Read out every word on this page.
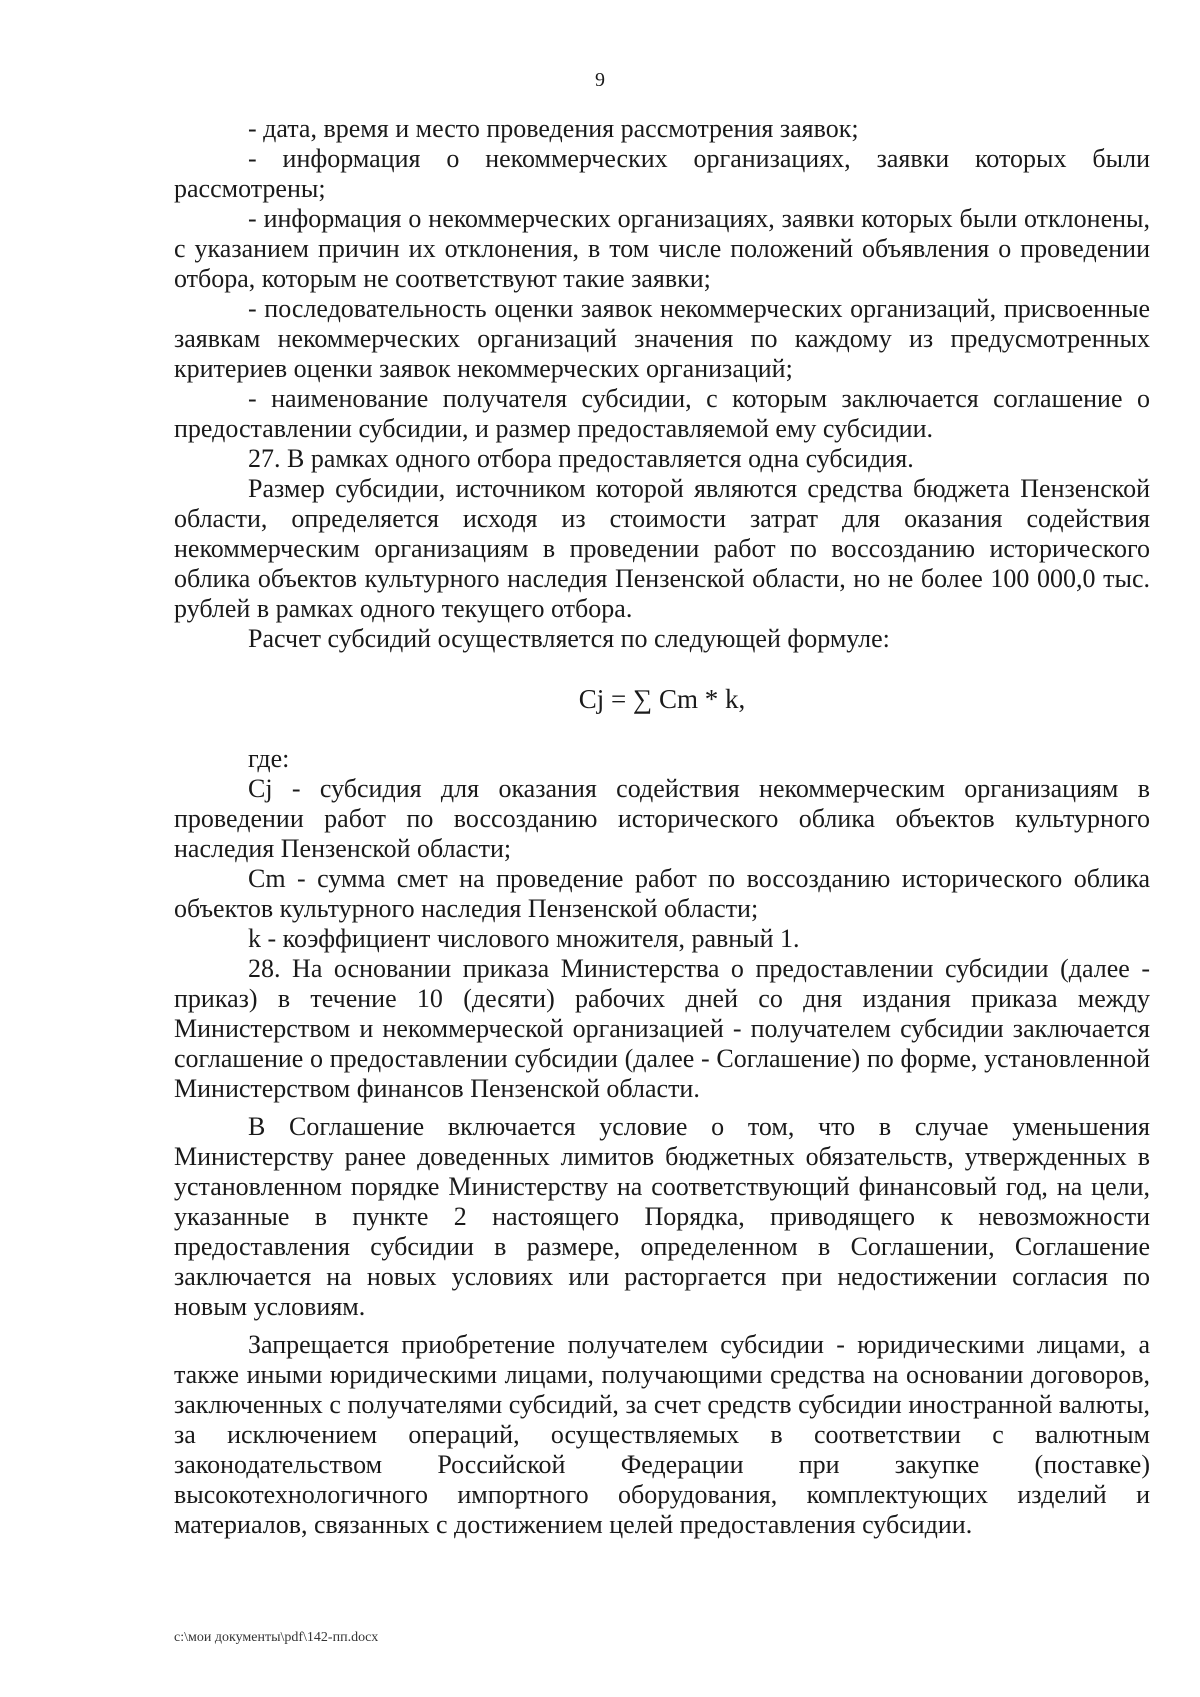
9

- дата, время и место проведения рассмотрения заявок;

- информация о некоммерческих организациях, заявки которых были рассмотрены;

- информация о некоммерческих организациях, заявки которых были отклонены, с указанием причин их отклонения, в том числе положений объявления о проведении отбора, которым не соответствуют такие заявки;

- последовательность оценки заявок некоммерческих организаций, присвоенные заявкам некоммерческих организаций значения по каждому из предусмотренных критериев оценки заявок некоммерческих организаций;

- наименование получателя субсидии, с которым заключается соглашение о предоставлении субсидии, и размер предоставляемой ему субсидии.

27. В рамках одного отбора предоставляется одна субсидия.

Размер субсидии, источником которой являются средства бюджета Пензенской области, определяется исходя из стоимости затрат для оказания содействия некоммерческим организациям в проведении работ по воссозданию исторического облика объектов культурного наследия Пензенской области, но не более 100 000,0 тыс. рублей в рамках одного текущего отбора.

Расчет субсидий осуществляется по следующей формуле:

Cj = ∑ Cm * k,

где:

Cj - субсидия для оказания содействия некоммерческим организациям в проведении работ по воссозданию исторического облика объектов культурного наследия Пензенской области;

Cm - сумма смет на проведение работ по воссозданию исторического облика объектов культурного наследия Пензенской области;

k - коэффициент числового множителя, равный 1.

28. На основании приказа Министерства о предоставлении субсидии (далее - приказ) в течение 10 (десяти) рабочих дней со дня издания приказа между Министерством и некоммерческой организацией - получателем субсидии заключается соглашение о предоставлении субсидии (далее - Соглашение) по форме, установленной Министерством финансов Пензенской области.

В Соглашение включается условие о том, что в случае уменьшения Министерству ранее доведенных лимитов бюджетных обязательств, утвержденных в установленном порядке Министерству на соответствующий финансовый год, на цели, указанные в пункте 2 настоящего Порядка, приводящего к невозможности предоставления субсидии в размере, определенном в Соглашении, Соглашение заключается на новых условиях или расторгается при недостижении согласия по новым условиям.

Запрещается приобретение получателем субсидии - юридическими лицами, а также иными юридическими лицами, получающими средства на основании договоров, заключенных с получателями субсидий, за счет средств субсидии иностранной валюты, за исключением операций, осуществляемых в соответствии с валютным законодательством Российской Федерации при закупке (поставке) высокотехнологичного импортного оборудования, комплектующих изделий и материалов, связанных с достижением целей предоставления субсидии.

c:\мои документы\pdf\142-пп.docx
